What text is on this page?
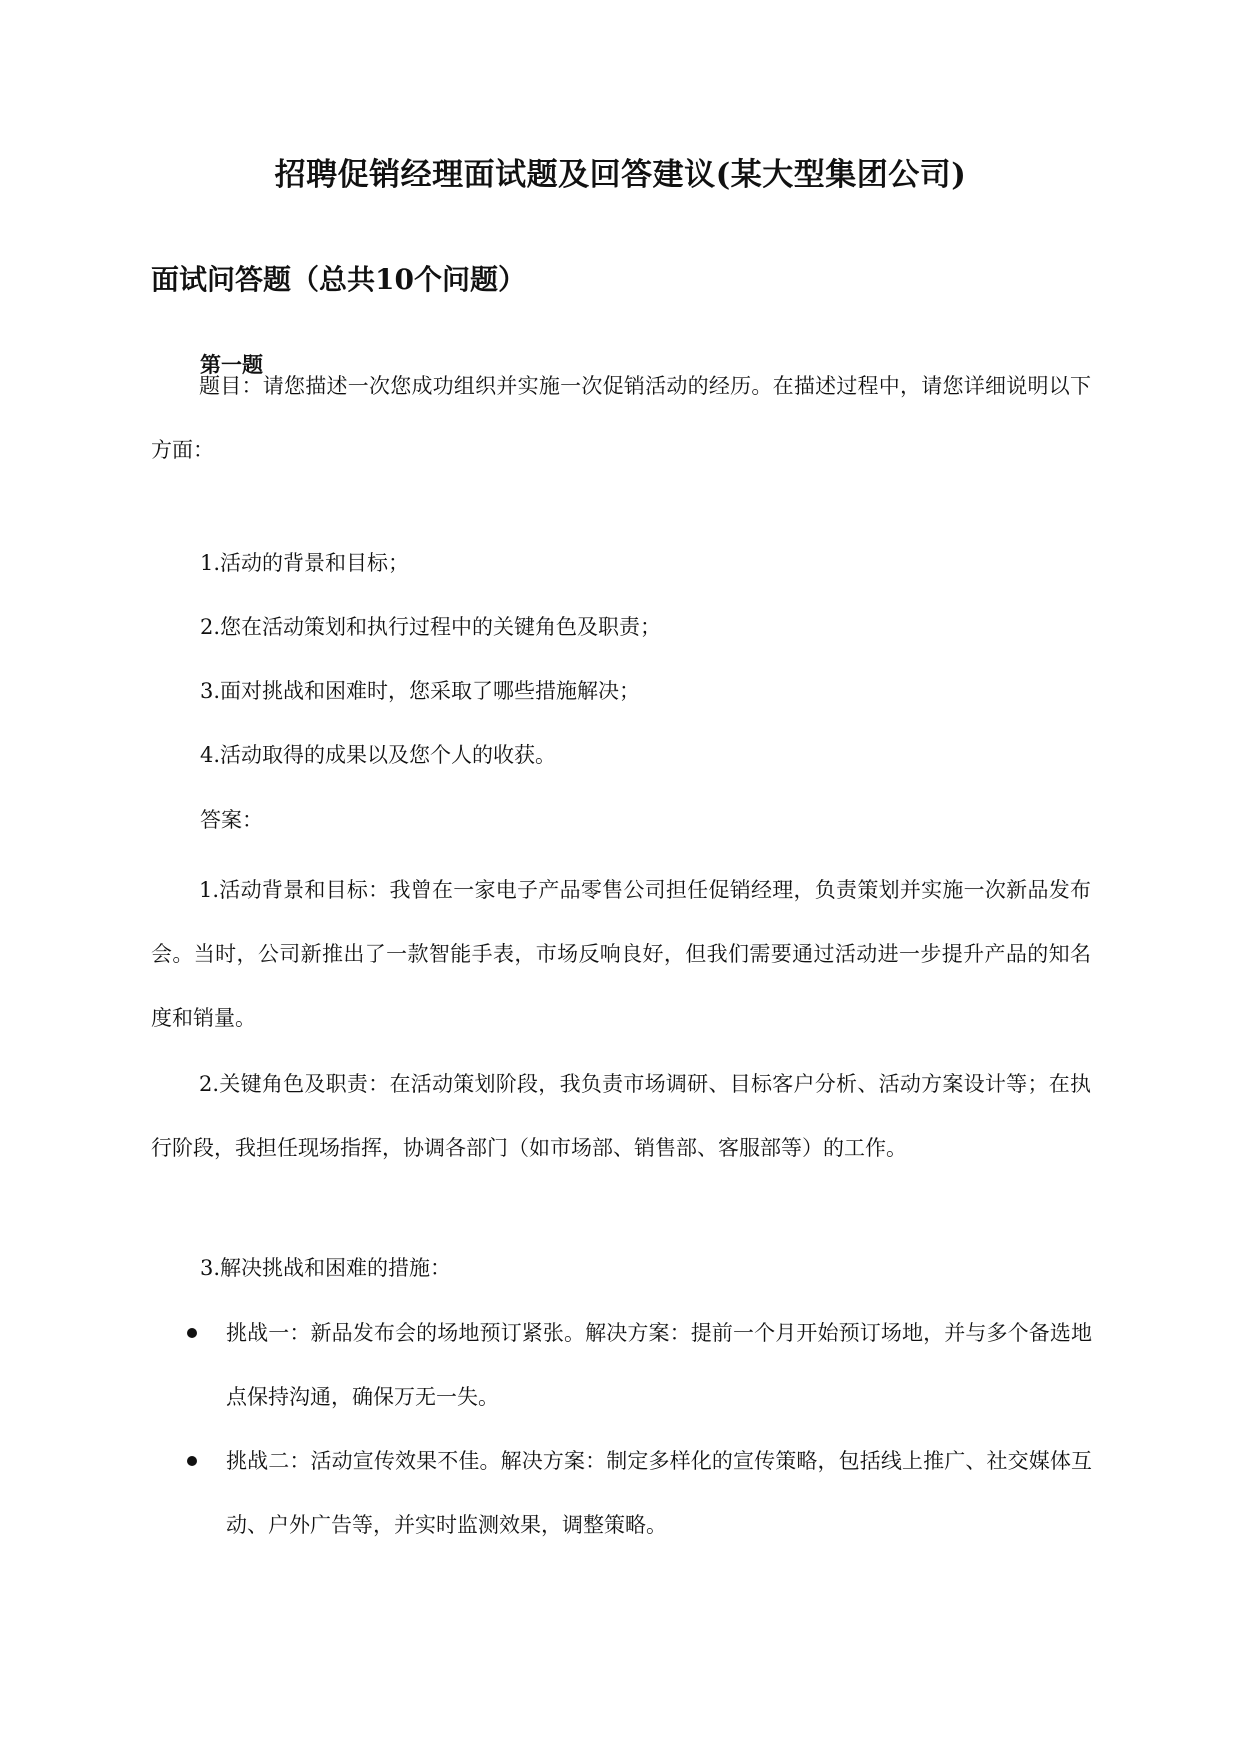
招聘促销经理面试题及回答建议(某大型集团公司)
面试问答题（总共10个问题）
第一题

题目：请您描述一次您成功组织并实施一次促销活动的经历。在描述过程中，请您详细说明以下方面：

1.活动的背景和目标；
2.您在活动策划和执行过程中的关键角色及职责；
3.面对挑战和困难时，您采取了哪些措施解决；
4.活动取得的成果以及您个人的收获。
答案：

1.活动背景和目标：我曾在一家电子产品零售公司担任促销经理，负责策划并实施一次新品发布会。当时，公司新推出了一款智能手表，市场反响良好，但我们需要通过活动进一步提升产品的知名度和销量。

2.关键角色及职责：在活动策划阶段，我负责市场调研、目标客户分析、活动方案设计等；在执行阶段，我担任现场指挥，协调各部门（如市场部、销售部、客服部等）的工作。

3.解决挑战和困难的措施：
挑战一：新品发布会的场地预订紧张。解决方案：提前一个月开始预订场地，并与多个备选地点保持沟通，确保万无一失。
挑战二：活动宣传效果不佳。解决方案：制定多样化的宣传策略，包括线上推广、社交媒体互动、户外广告等，并实时监测效果，调整策略。
